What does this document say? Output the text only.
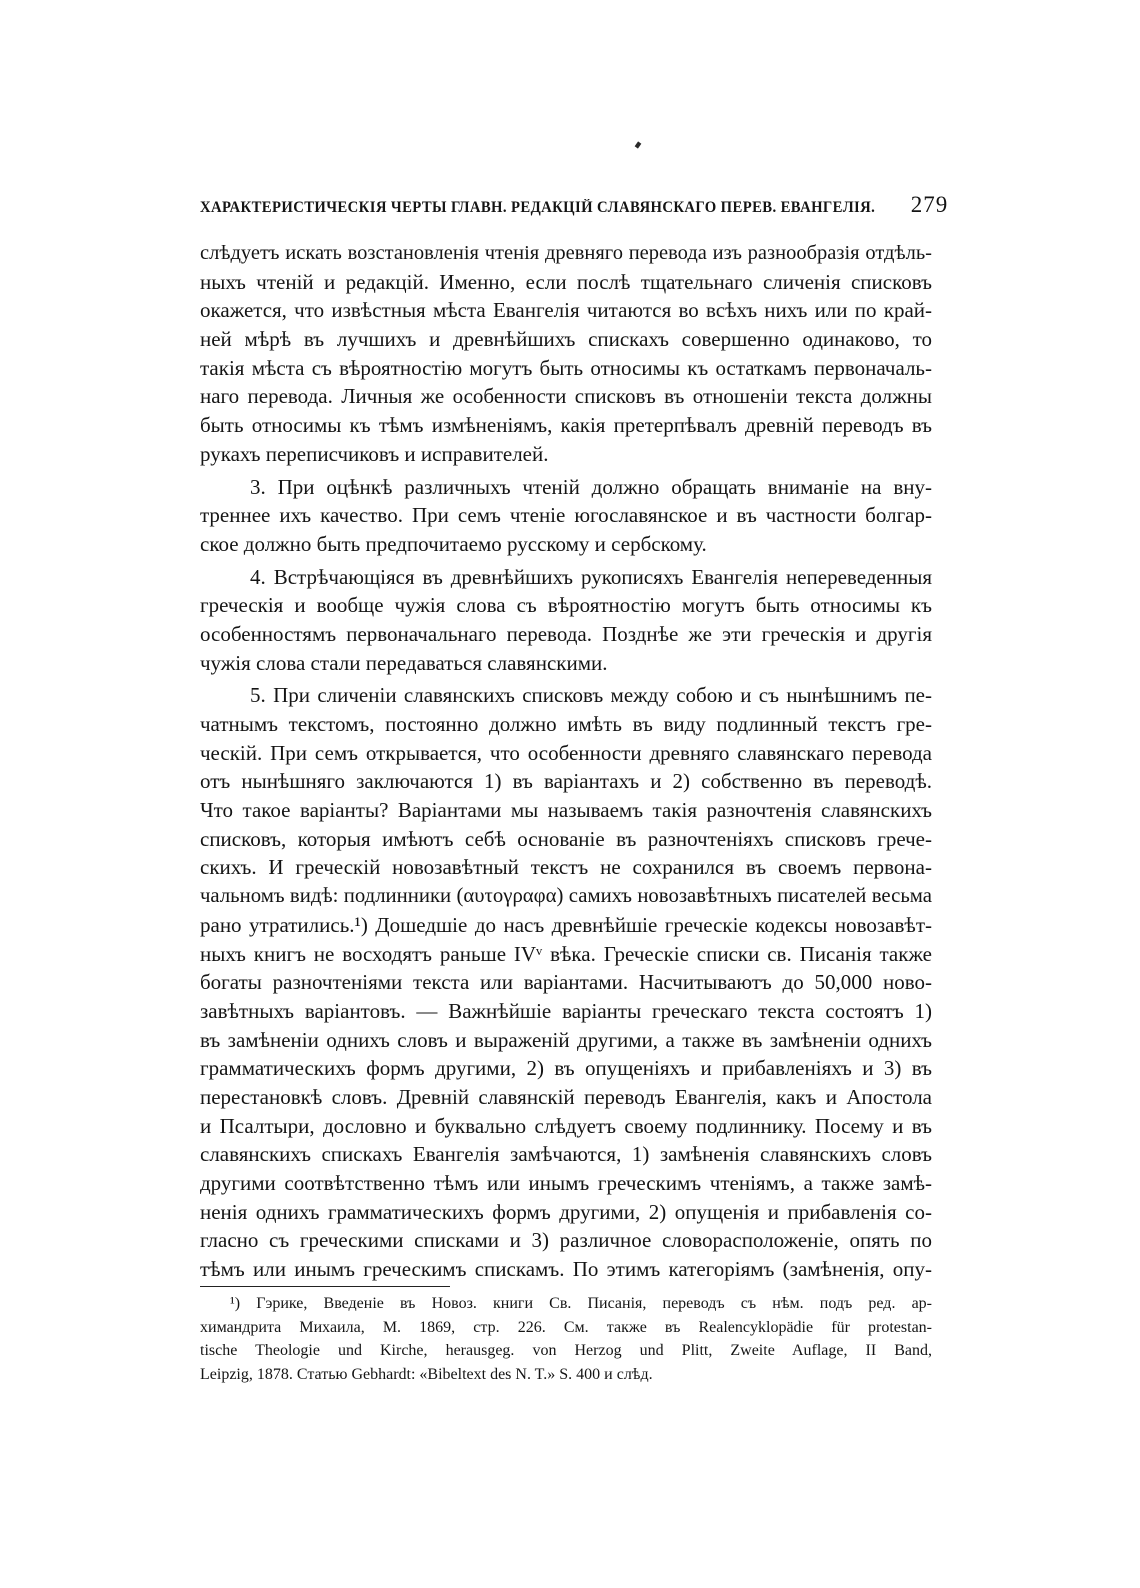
ХАРАКТЕРИСТИЧЕСКІЯ ЧЕРТЫ ГЛАВН. РЕДАКЦІЙ СЛАВЯНСКАГО ПЕРЕВ. ЕВАНГЕЛІЯ. 279
слѣдуетъ искать возстановленія чтенія древняго перевода изъ разнообразія отдѣль-
ныхъ чтеній и редакцій. Именно, если послѣ тщательнаго сличенія списковъ
окажется, что извѣстныя мѣста Евангелія читаются во всѣхъ нихъ или по край-
ней мѣрѣ въ лучшихъ и древнѣйшихъ спискахъ совершенно одинаково, то
такія мѣста съ вѣроятностію могутъ быть относимы къ остаткамъ первоначаль-
наго перевода. Личныя же особенности списковъ въ отношеніи текста должны
быть относимы къ тѣмъ измѣненіямъ, какія претерпѣвалъ древній переводъ въ
рукахъ переписчиковъ и исправителей.
3. При оцѣнкѣ различныхъ чтеній должно обращать вниманіе на вну-
треннее ихъ качество. При семъ чтеніе югославянское и въ частности болгар-
ское должно быть предпочитаемо русскому и сербскому.
4. Встрѣчающіяся въ древнѣйшихъ рукописяхъ Евангелія непереведенныя
греческія и вообще чужія слова съ вѣроятностію могутъ быть относимы къ
особенностямъ первоначальнаго перевода. Позднѣе же эти греческія и другія
чужія слова стали передаваться славянскими.
5. При сличеніи славянскихъ списковъ между собою и съ нынѣшнимъ пе-
чатнымъ текстомъ, постоянно должно имѣть въ виду подлинный текстъ гре-
ческій. При семъ открывается, что особенности древняго славянскаго перевода
отъ нынѣшняго заключаются 1) въ варіантахъ и 2) собственно въ переводѣ.
Что такое варіанты? Варіантами мы называемъ такія разночтенія славянскихъ
списковъ, которыя имѣютъ себѣ основаніе въ разночтеніяхъ списковъ грече-
скихъ. И греческій новозавѣтный текстъ не сохранился въ своемъ первона-
чальномъ видѣ: подлинники (αυτογραφα) самихъ новозавѣтныхъ писателей весьма
рано утратились.¹) Дошедшіе до насъ древнѣйшіе греческіе кодексы новозавѣт-
ныхъ книгъ не восходятъ раньше IVᵛ вѣка. Греческіе списки св. Писанія также
богаты разночтеніями текста или варіантами. Насчитываютъ до 50,000 ново-
завѣтныхъ варіантовъ. — Важнѣйшіе варіанты греческаго текста состоятъ 1)
въ замѣненіи однихъ словъ и выраженій другими, а также въ замѣненіи однихъ
грамматическихъ формъ другими, 2) въ опущеніяхъ и прибавленіяхъ и 3) въ
перестановкѣ словъ. Древній славянскій переводъ Евангелія, какъ и Апостола
и Псалтыри, дословно и буквально слѣдуетъ своему подлиннику. Посему и въ
славянскихъ спискахъ Евангелія замѣчаются, 1) замѣненія славянскихъ словъ
другими соотвѣтственно тѣмъ или инымъ греческимъ чтеніямъ, а также замѣ-
ненія однихъ грамматическихъ формъ другими, 2) опущенія и прибавленія со-
гласно съ греческими списками и 3) различное словорасположеніе, опять по
тѣмъ или инымъ греческимъ спискамъ. По этимъ категоріямъ (замѣненія, опу-
¹) Гэрике, Введеніе въ Новоз. книги Св. Писанія, переводъ съ нѣм. подъ ред. ар-
химандрита Михаила, М. 1869, стр. 226. См. также въ Realencyklopädie für protestan-
tische Theologie und Kirche, herausgeg. von Herzog und Plitt, Zweite Auflage, II Band,
Leipzig, 1878. Статью Gebhardt: «Bibeltext des N. T.» S. 400 и слѣд.
